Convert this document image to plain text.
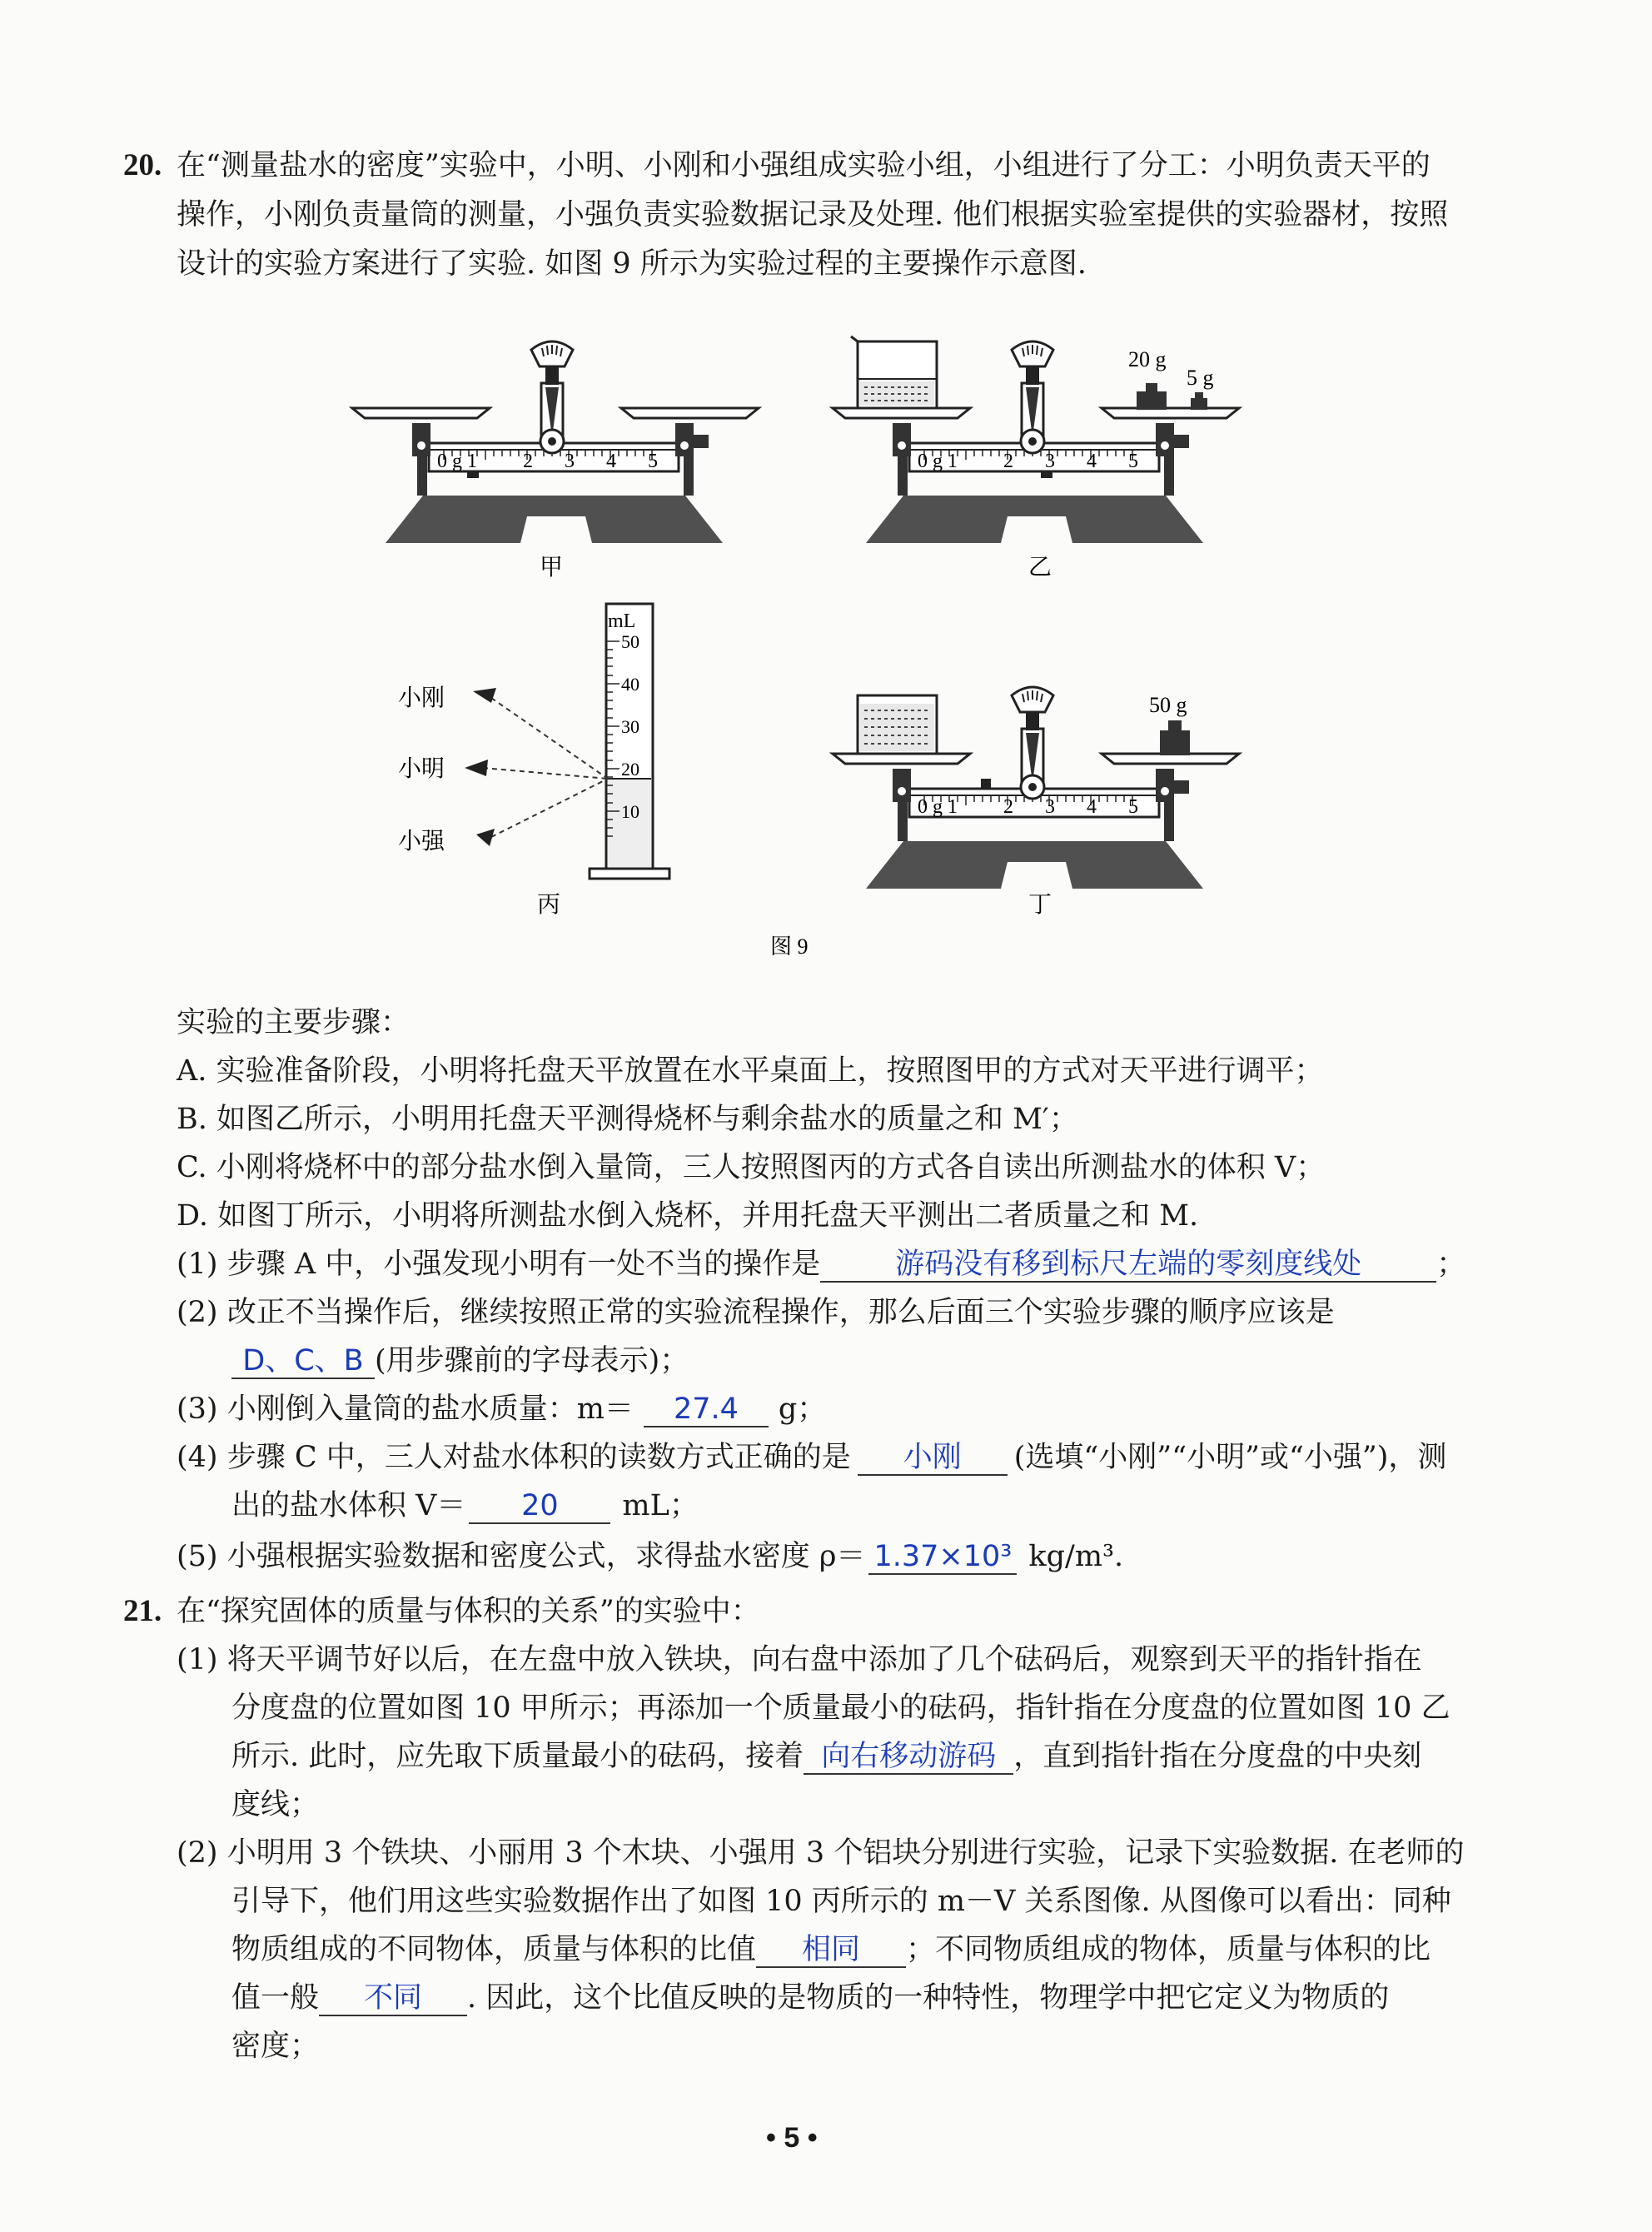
20. 在“测量盐水的密度”实验中，小明、小刚和小强组成实验小组，小组进行了分工：小明负责天平的
操作，小刚负责量筒的测量，小强负责实验数据记录及处理. 他们根据实验室提供的实验器材，按照
设计的实验方案进行了实验. 如图 9 所示为实验过程的主要操作示意图.
0 g 1 2 3 4 5
甲
0 g 1 2 3 4 5
20 g
5 g
乙
mL
50
40
30
20
10
小刚
小明
小强
丙
0 g 1 2 3 4 5
50 g
丁
图 9
实验的主要步骤：
A. 实验准备阶段，小明将托盘天平放置在水平桌面上，按照图甲的方式对天平进行调平；
B. 如图乙所示，小明用托盘天平测得烧杯与剩余盐水的质量之和 M′；
C. 小刚将烧杯中的部分盐水倒入量筒，三人按照图丙的方式各自读出所测盐水的体积 V；
D. 如图丁所示，小明将所测盐水倒入烧杯，并用托盘天平测出二者质量之和 M.
(1) 步骤 A 中，小强发现小明有一处不当的操作是	游码没有移到标尺左端的零刻度线处	；
(2) 改正不当操作后，继续按照正常的实验流程操作，那么后面三个实验步骤的顺序应该是
D、C、B (用步骤前的字母表示)；
(3) 小刚倒入量筒的盐水质量：m＝ 27.4 g；
(4) 步骤 C 中，三人对盐水体积的读数方式正确的是 小刚 (选填“小刚”“小明”或“小强”)，测
出的盐水体积 V＝ 20 mL；
(5) 小强根据实验数据和密度公式，求得盐水密度 ρ＝ 1.37×10³ kg/m³.
21. 在“探究固体的质量与体积的关系”的实验中：
(1) 将天平调节好以后，在左盘中放入铁块，向右盘中添加了几个砝码后，观察到天平的指针指在
分度盘的位置如图 10 甲所示；再添加一个质量最小的砝码，指针指在分度盘的位置如图 10 乙
所示. 此时，应先取下质量最小的砝码，接着 向右移动游码 ，直到指针指在分度盘的中央刻
度线；
(2) 小明用 3 个铁块、小丽用 3 个木块、小强用 3 个铝块分别进行实验，记录下实验数据. 在老师的
引导下，他们用这些实验数据作出了如图 10 丙所示的 m－V 关系图像. 从图像可以看出：同种
物质组成的不同物体，质量与体积的比值 相同 ；不同物质组成的物体，质量与体积的比
值一般 不同 . 因此，这个比值反映的是物质的一种特性，物理学中把它定义为物质的
密度；
• 5 •
